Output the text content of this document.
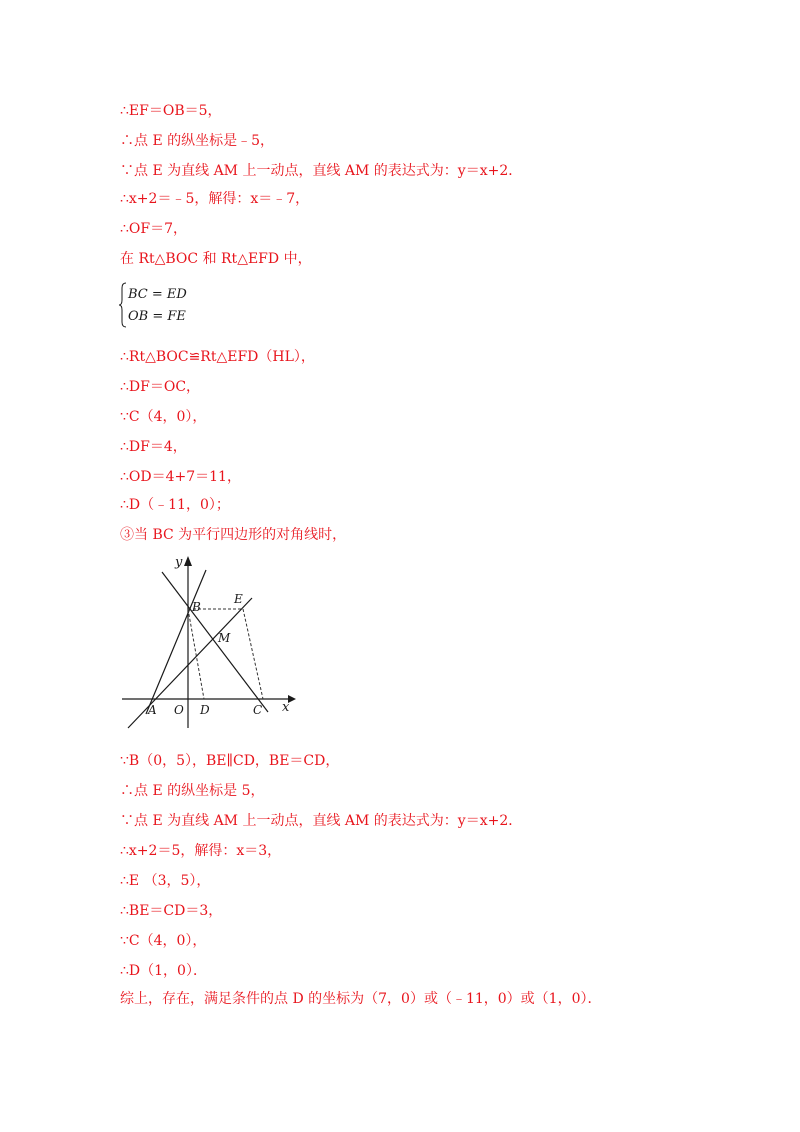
∴EF＝OB＝5，
∴点 E 的纵坐标是﹣5，
∵点 E 为直线 AM 上一动点，直线 AM 的表达式为：y＝x+2．
∴x+2＝﹣5，解得：x＝﹣7，
∴OF＝7，
在 Rt△BOC 和 Rt△EFD 中，
∴Rt△BOC≌Rt△EFD（HL），
∴DF＝OC，
∵C（4，0），
∴DF＝4，
∴OD＝4+7＝11，
∴D（﹣11，0）；
③当 BC 为平行四边形的对角线时，
∵B（0，5），BE∥CD，BE＝CD，
∴点 E 的纵坐标是 5，
∵点 E 为直线 AM 上一动点，直线 AM 的表达式为：y＝x+2．
∴x+2＝5，解得：x＝3，
∴E （3，5），
∴BE＝CD＝3，
∵C（4，0），
∴D（1，0）．
综上，存在，满足条件的点 D 的坐标为（7，0）或（﹣11，0）或（1，0）．
BC = ED
OB = FE
y
x
A O D	C
B
E
M
